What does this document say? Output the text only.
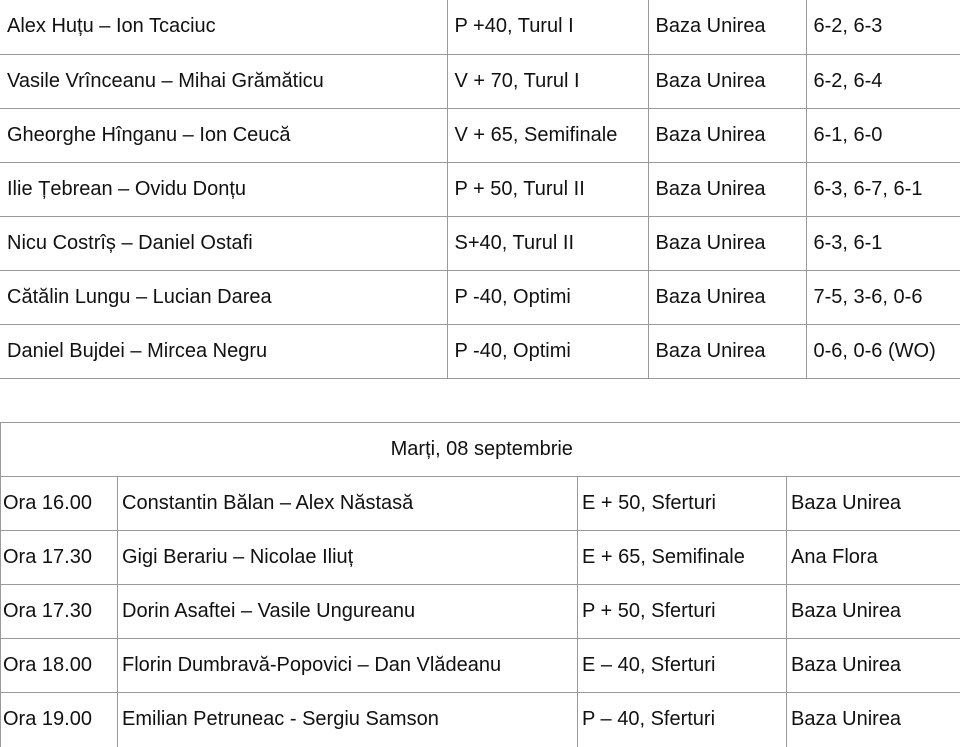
Alex Huțu – Ion Tcaciuc	P +40, Turul I	Baza Unirea	6-2, 6-3
Vasile Vrînceanu – Mihai Grămăticu	V + 70, Turul I	Baza Unirea	6-2, 6-4
Gheorghe Hînganu – Ion Ceucă	V + 65, Semifinale	Baza Unirea	6-1, 6-0
Ilie Țebrean – Ovidu Donțu	P + 50, Turul II	Baza Unirea	6-3, 6-7, 6-1
Nicu Costrîș – Daniel Ostafi	S+40, Turul II	Baza Unirea	6-3, 6-1
Cătălin Lungu – Lucian Darea	P -40, Optimi	Baza Unirea	7-5, 3-6, 0-6
Daniel Bujdei – Mircea Negru	P -40, Optimi	Baza Unirea	0-6, 0-6 (WO)
Marți, 08 septembrie			
Ora 16.00	Constantin Bălan – Alex Năstasă	E + 50, Sferturi	Baza Unirea
Ora 17.30	Gigi Berariu – Nicolae Iliuț	E + 65, Semifinale	Ana Flora
Ora 17.30	Dorin Asaftei – Vasile Ungureanu	P + 50, Sferturi	Baza Unirea
Ora 18.00	Florin Dumbravă-Popovici – Dan Vlădeanu	E – 40, Sferturi	Baza Unirea
Ora 19.00	Emilian Petruneac - Sergiu Samson	P – 40, Sferturi	Baza Unirea
